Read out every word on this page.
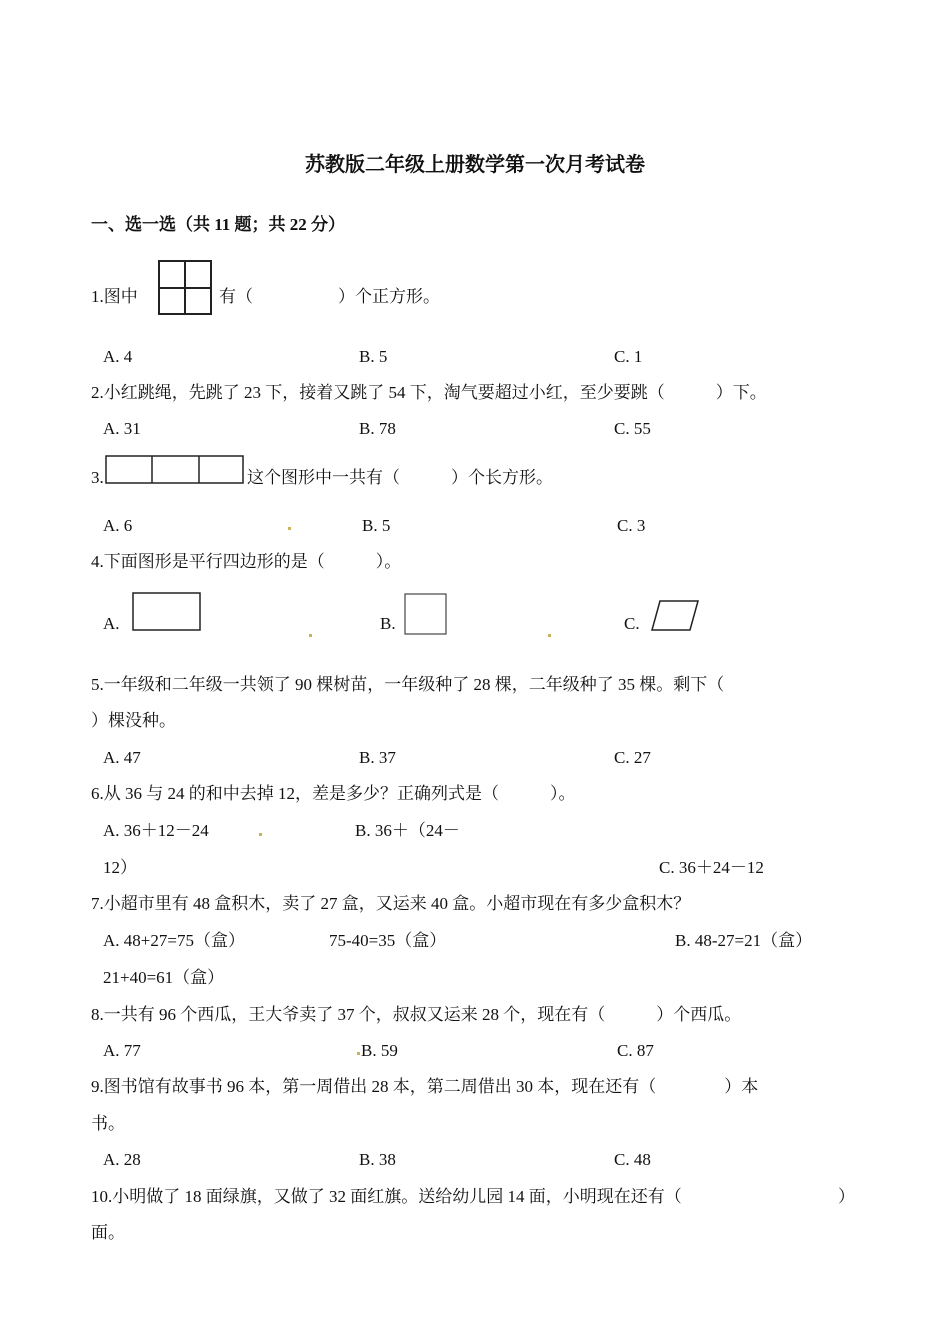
苏教版二年级上册数学第一次月考试卷
一、选一选（共 11 题；共 22 分）
1.图中	有（　　　　　）个正方形。
A. 4	B. 5	C. 1
2.小红跳绳，先跳了 23 下，接着又跳了 54 下，淘气要超过小红，至少要跳（　　　）下。
A. 31	B. 78	C. 55
3.	这个图形中一共有（　　　）个长方形。
A. 6	B. 5	C. 3
4.下面图形是平行四边形的是（　　　）。
A.	B.	C.
5.一年级和二年级一共领了 90 棵树苗，一年级种了 28 棵，二年级种了 35 棵。剩下（
）棵没种。
A. 47	B. 37	C. 27
6.从 36 与 24 的和中去掉 12，差是多少？正确列式是（　　　）。
A. 36＋12－24	B. 36＋（24－
12）	C. 36＋24－12
7.小超市里有 48 盒积木，卖了 27 盒，又运来 40 盒。小超市现在有多少盒积木？
A. 48+27=75（盒）	75-40=35（盒）	B. 48-27=21（盒）
21+40=61（盒）
8.一共有 96 个西瓜，王大爷卖了 37 个，叔叔又运来 28 个，现在有（　　　）个西瓜。
A. 77	B. 59	C. 87
9.图书馆有故事书 96 本，第一周借出 28 本，第二周借出 30 本，现在还有（　　　　）本
书。
A. 28	B. 38	C. 48
10.小明做了 18 面绿旗，又做了 32 面红旗。送给幼儿园 14 面，小明现在还有（	）
面。
